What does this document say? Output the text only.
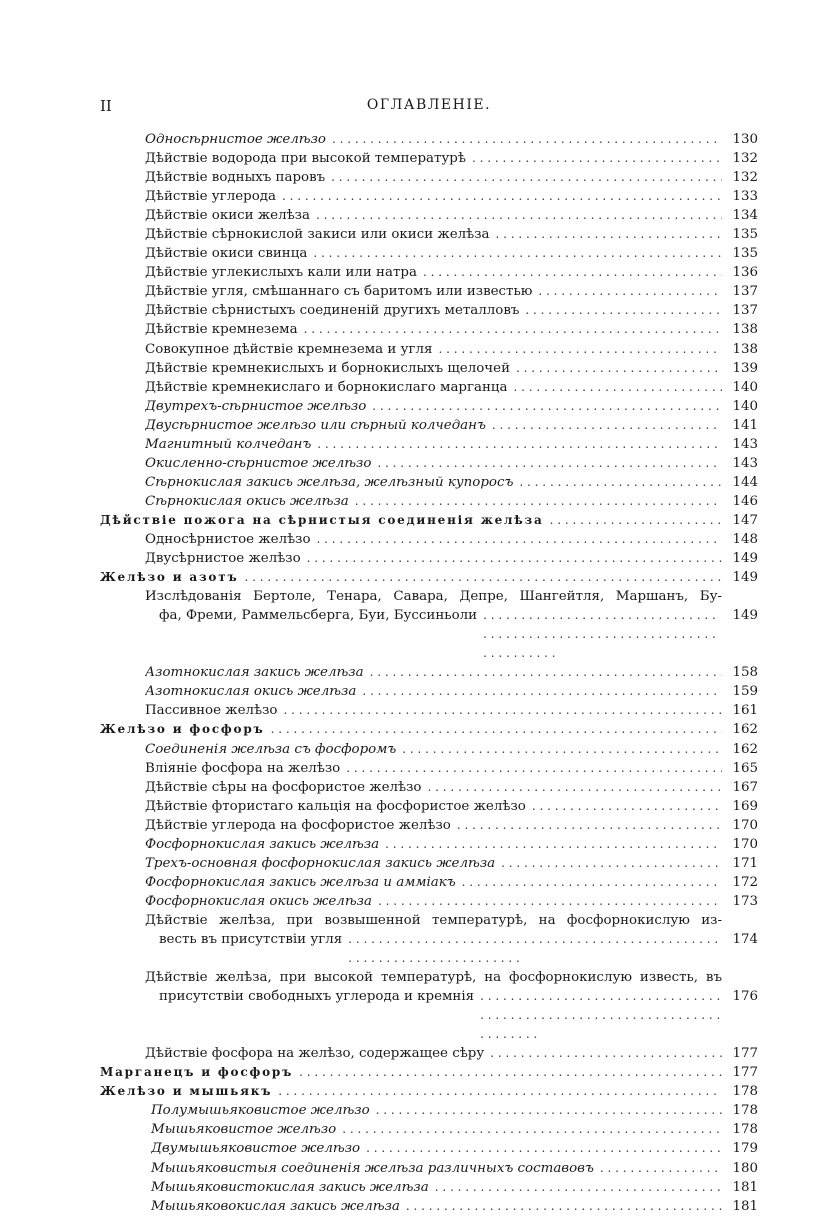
II	ОГЛАВЛЕНІЕ.
Односѣрнистое желѣзо . . .	130
Дѣйствіе водорода при высокой температурѣ . . .	132
Дѣйствіе водныхъ паровъ . . .	132
Дѣйствіе углерода . . .	133
Дѣйствіе окиси желѣза . . .	134
Дѣйствіе сѣрнокислой закиси или окиси желѣза . . .	135
Дѣйствіе окиси свинца . . .	135
Дѣйствіе углекислыхъ кали или натра . . .	136
Дѣйствіе угля, смѣшаннаго съ баритомъ или известью . . .	137
Дѣйствіе сѣрнистыхъ соединеній другихъ металловъ . . .	137
Дѣйствіе кремнезема . . .	138
Совокупное дѣйствіе кремнезема и угля . . .	138
Дѣйствіе кремнекислыхъ и борнокислыхъ щелочей . . .	139
Дѣйствіе кремнекислаго и борнокислаго марганца . . .	140
Двутрехъ-сѣрнистое желѣзо . . .	140
Двусѣрнистое желѣзо или сѣрный колчеданъ . . .	141
Магнитный колчеданъ . . .	143
Окисленно-сѣрнистое желѣзо . . .	143
Сѣрнокислая закись желѣза, желѣзный купоросъ . . .	144
Сѣрнокислая окись желѣза . . .	146
Дѣйствіе пожога на сѣрнистыя соединенія желѣза . . .	147
Односѣрнистое желѣзо . . .	148
Двусѣрнистое желѣзо . . .	149
Желѣзо и азотъ . . .	149
Изслѣдованія Бертоле, Тенара, Савара, Депре, Шангейтля, Маршанъ, Бу-
фа, Фреми, Раммельсберга, Буи, Буссиньоли . . .	149
Азотнокислая закись желѣза . . .	158
Азотнокислая окись желѣза . . .	159
Пассивное желѣзо . . .	161
Желѣзо и фосфоръ . . .	162
Соединенія желѣза съ фосфоромъ . . .	162
Вліяніе фосфора на желѣзо . . .	165
Дѣйствіе сѣры на фосфористое желѣзо . . .	167
Дѣйствіе фтористаго кальція на фосфористое желѣзо . . .	169
Дѣйствіе углерода на фосфористое желѣзо . . .	170
Фосфорнокислая закись желѣза . . .	170
Трехъ-основная фосфорнокислая закись желѣза . . .	171
Фосфорнокислая закись желѣза и аммiакъ . . .	172
Фосфорнокислая окись желѣза . . .	173
Дѣйствіе желѣза, при возвышенной температурѣ, на фосфорнокислую из-
весть въ присутствіи угля . . .	174
Дѣйствіе желѣза, при высокой температурѣ, на фосфорнокислую известь, въ
присутствіи свободныхъ углерода и кремнія . . .	176
Дѣйствіе фосфора на желѣзо, содержащее сѣру . . .	177
Марганецъ и фосфоръ . . .	177
Желѣзо и мышьякъ . . .	178
Полумышьяковистое желѣзо . . .	178
Мышьяковистое желѣзо . . .	178
Двумышьяковистое желѣзо . . .	179
Мышьяковистыя соединенія желѣза различныхъ составовъ . . .	180
Мышьяковистокислая закись желѣза . . .	181
Мышьяковокислая закись желѣза . . .	181
